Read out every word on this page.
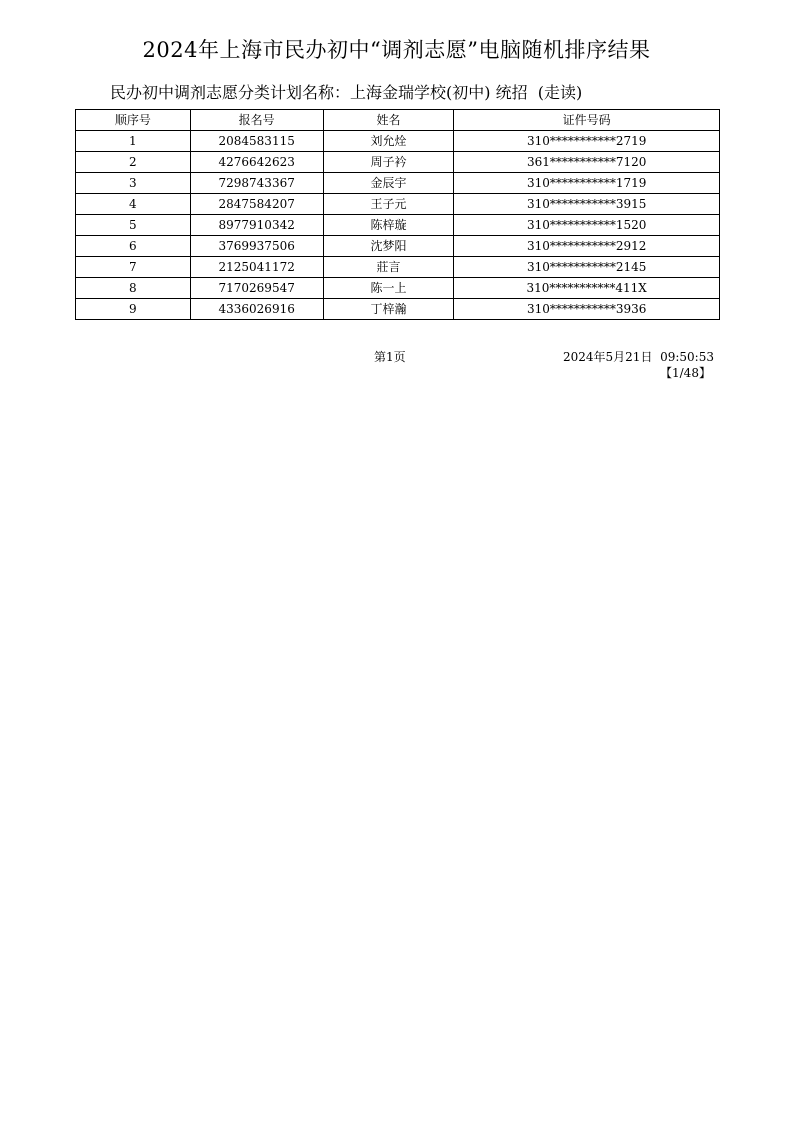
2024年上海市民办初中“调剂志愿”电脑随机排序结果
民办初中调剂志愿分类计划名称：上海金瑞学校(初中) 统招  (走读)
顺序号	报名号	姓名	证件号码
1	2084583115	刘允烇	310***********2719
2	4276642623	周子衿	361***********7120
3	7298743367	金辰宇	310***********1719
4	2847584207	王子元	310***********3915
5	8977910342	陈梓璇	310***********1520
6	3769937506	沈梦阳	310***********2912
7	2125041172	莊言	310***********2145
8	7170269547	陈一上	310***********411X
9	4336026916	丁梓瀚	310***********3936
第1页	2024年5月21日  09:50:53
【1/48】
